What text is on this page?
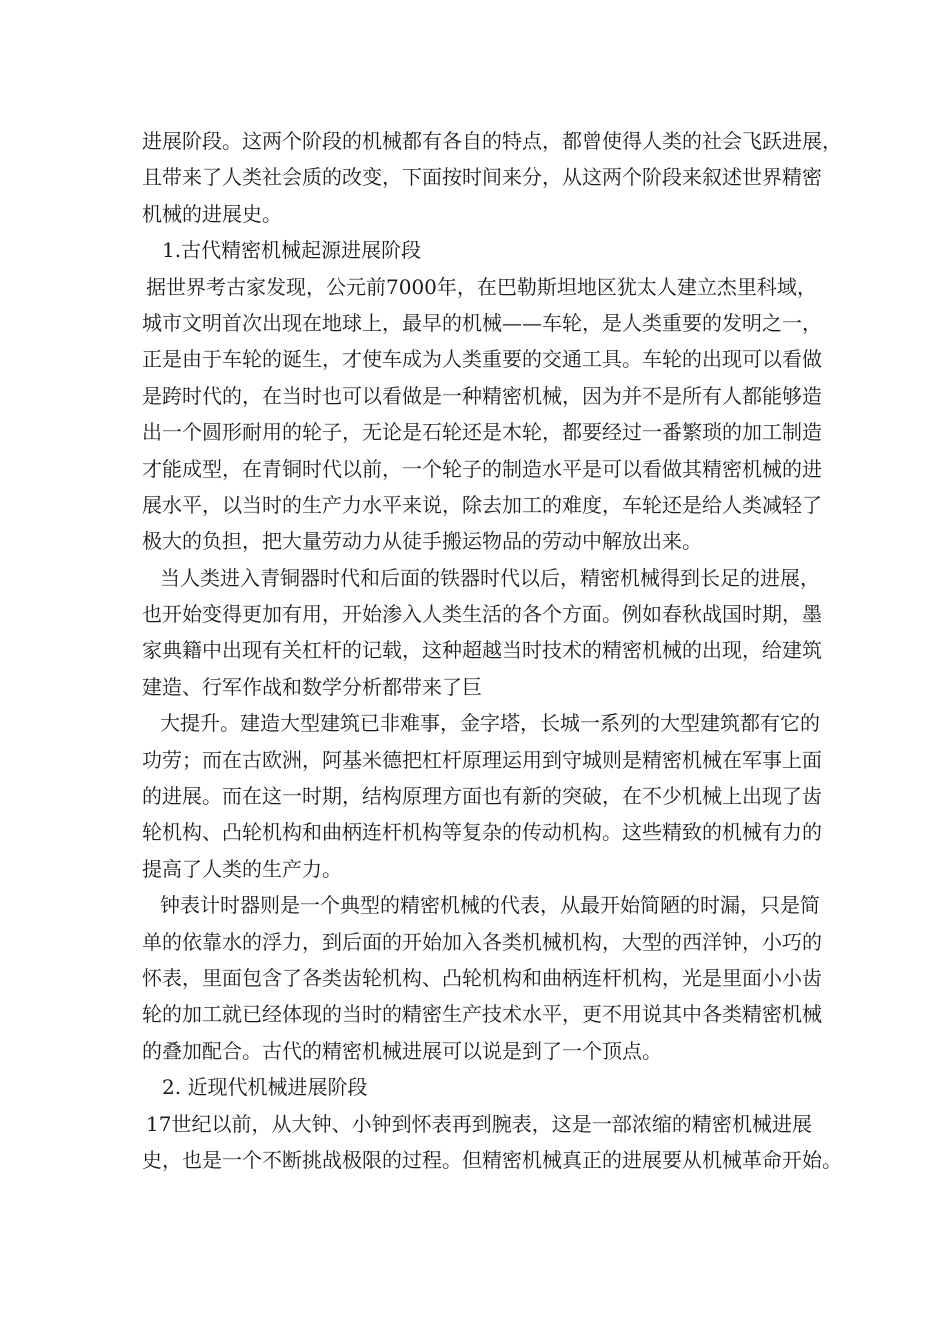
进展阶段。这两个阶段的机械都有各自的特点，都曾使得人类的社会飞跃进展，
且带来了人类社会质的改变，下面按时间来分，从这两个阶段来叙述世界精密
机械的进展史。
1.古代精密机械起源进展阶段
据世界考古家发现，公元前7000年，在巴勒斯坦地区犹太人建立杰里科域，
城市文明首次出现在地球上，最早的机械——车轮，是人类重要的发明之一，
正是由于车轮的诞生，才使车成为人类重要的交通工具。车轮的出现可以看做
是跨时代的，在当时也可以看做是一种精密机械，因为并不是所有人都能够造
出一个圆形耐用的轮子，无论是石轮还是木轮，都要经过一番繁琐的加工制造
才能成型，在青铜时代以前，一个轮子的制造水平是可以看做其精密机械的进
展水平，以当时的生产力水平来说，除去加工的难度，车轮还是给人类减轻了
极大的负担，把大量劳动力从徒手搬运物品的劳动中解放出来。
当人类进入青铜器时代和后面的铁器时代以后，精密机械得到长足的进展，
也开始变得更加有用，开始渗入人类生活的各个方面。例如春秋战国时期，墨
家典籍中出现有关杠杆的记载，这种超越当时技术的精密机械的出现，给建筑
建造、行军作战和数学分析都带来了巨
大提升。建造大型建筑已非难事，金字塔，长城一系列的大型建筑都有它的
功劳；而在古欧洲，阿基米德把杠杆原理运用到守城则是精密机械在军事上面
的进展。而在这一时期，结构原理方面也有新的突破，在不少机械上出现了齿
轮机构、凸轮机构和曲柄连杆机构等复杂的传动机构。这些精致的机械有力的
提高了人类的生产力。
钟表计时器则是一个典型的精密机械的代表，从最开始简陋的时漏，只是简
单的依靠水的浮力，到后面的开始加入各类机械机构，大型的西洋钟，小巧的
怀表，里面包含了各类齿轮机构、凸轮机构和曲柄连杆机构，光是里面小小齿
轮的加工就已经体现的当时的精密生产技术水平，更不用说其中各类精密机械
的叠加配合。古代的精密机械进展可以说是到了一个顶点。
2. 近现代机械进展阶段
17世纪以前，从大钟、小钟到怀表再到腕表，这是一部浓缩的精密机械进展
史，也是一个不断挑战极限的过程。但精密机械真正的进展要从机械革命开始。
